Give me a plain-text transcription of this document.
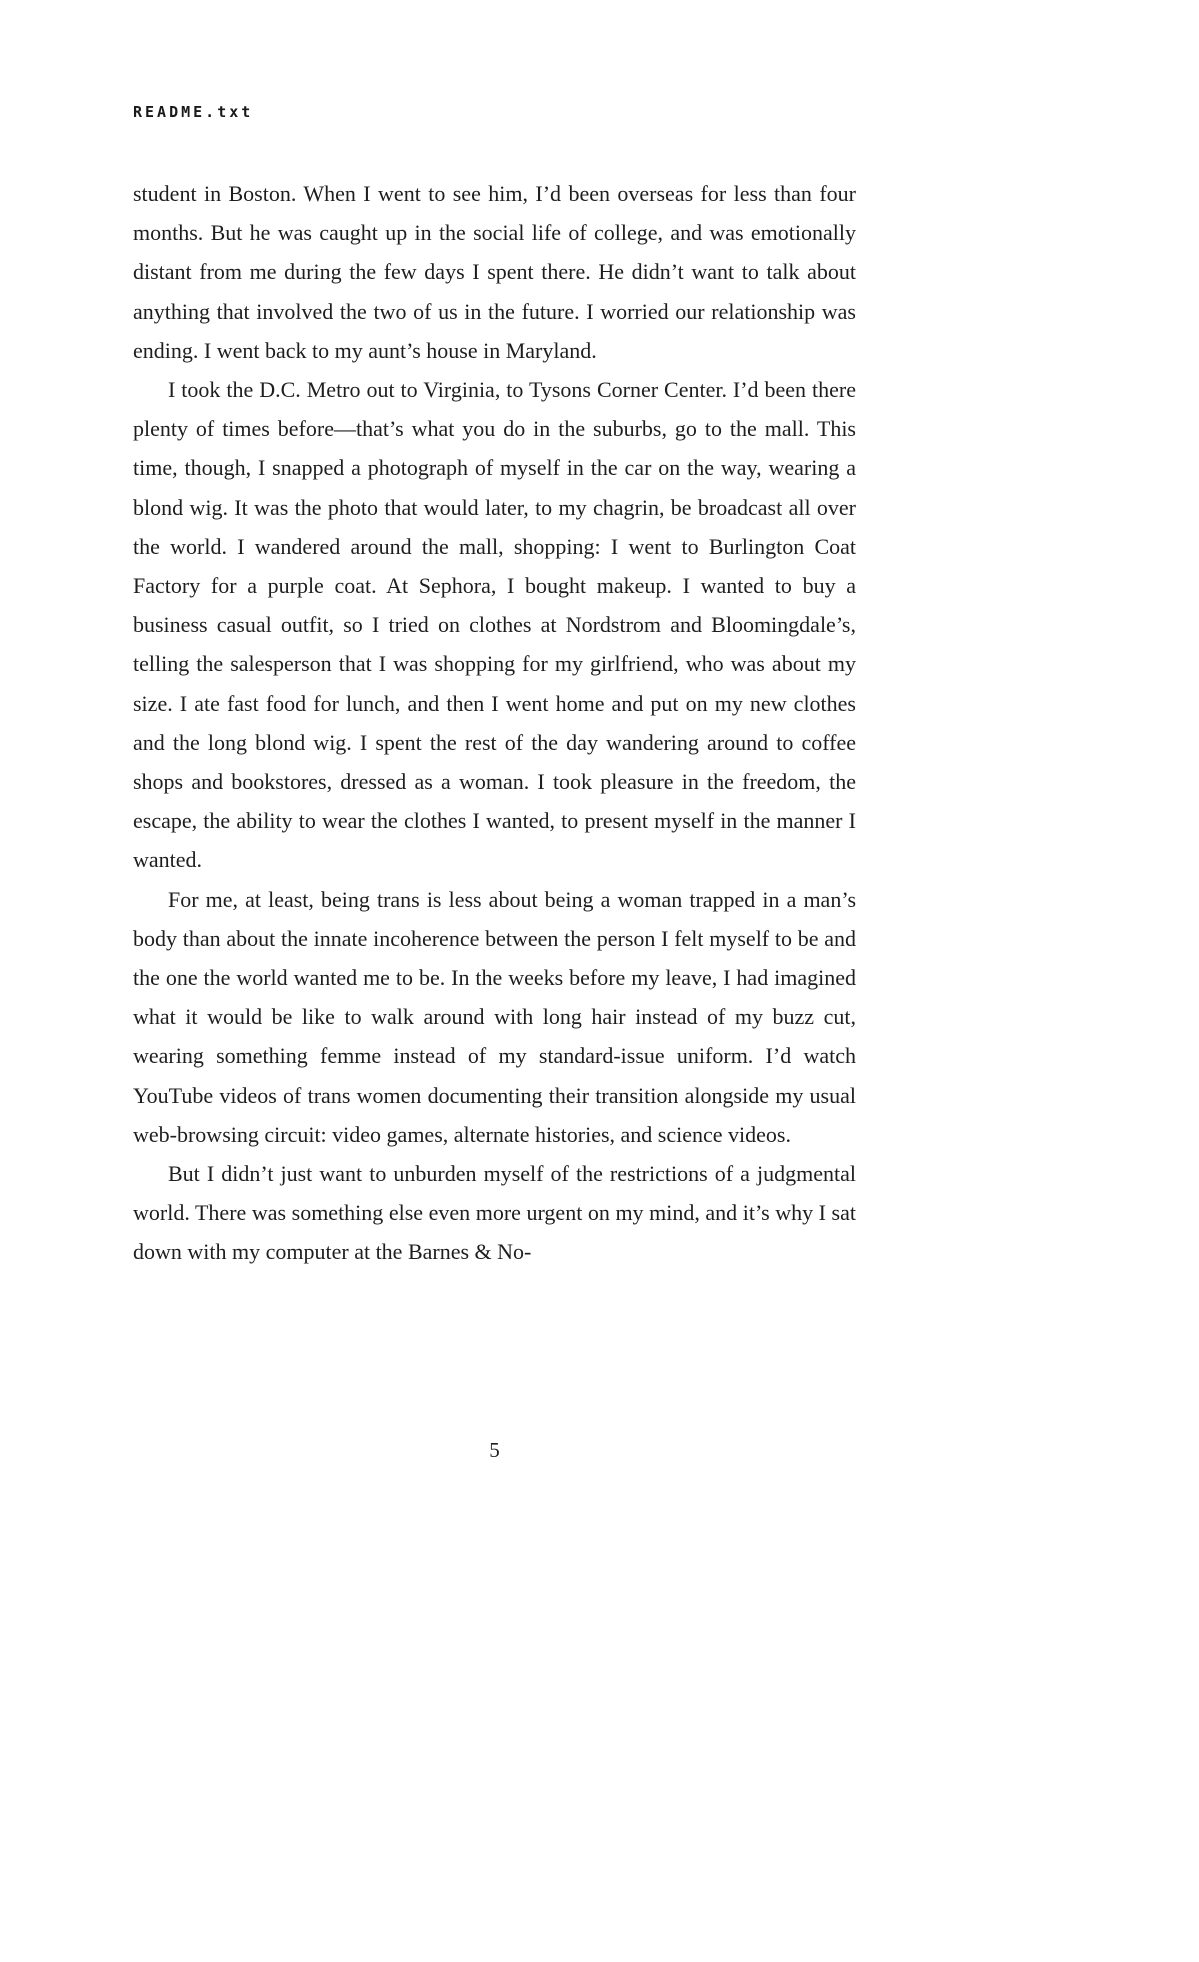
README.txt

student in Boston. When I went to see him, I’d been overseas for less than four months. But he was caught up in the social life of college, and was emotionally distant from me during the few days I spent there. He didn’t want to talk about anything that involved the two of us in the future. I worried our relationship was ending. I went back to my aunt’s house in Maryland.

I took the D.C. Metro out to Virginia, to Tysons Corner Center. I’d been there plenty of times before—that’s what you do in the suburbs, go to the mall. This time, though, I snapped a photograph of myself in the car on the way, wearing a blond wig. It was the photo that would later, to my chagrin, be broadcast all over the world. I wandered around the mall, shopping: I went to Burlington Coat Factory for a purple coat. At Sephora, I bought makeup. I wanted to buy a business casual outfit, so I tried on clothes at Nordstrom and Bloomingdale’s, telling the salesperson that I was shopping for my girlfriend, who was about my size. I ate fast food for lunch, and then I went home and put on my new clothes and the long blond wig. I spent the rest of the day wandering around to coffee shops and bookstores, dressed as a woman. I took pleasure in the freedom, the escape, the ability to wear the clothes I wanted, to present myself in the manner I wanted.

For me, at least, being trans is less about being a woman trapped in a man’s body than about the innate incoherence between the person I felt myself to be and the one the world wanted me to be. In the weeks before my leave, I had imagined what it would be like to walk around with long hair instead of my buzz cut, wearing something femme instead of my standard-issue uniform. I’d watch YouTube videos of trans women documenting their transition alongside my usual web-browsing circuit: video games, alternate histories, and science videos.

But I didn’t just want to unburden myself of the restrictions of a judgmental world. There was something else even more urgent on my mind, and it’s why I sat down with my computer at the Barnes & No-

5
